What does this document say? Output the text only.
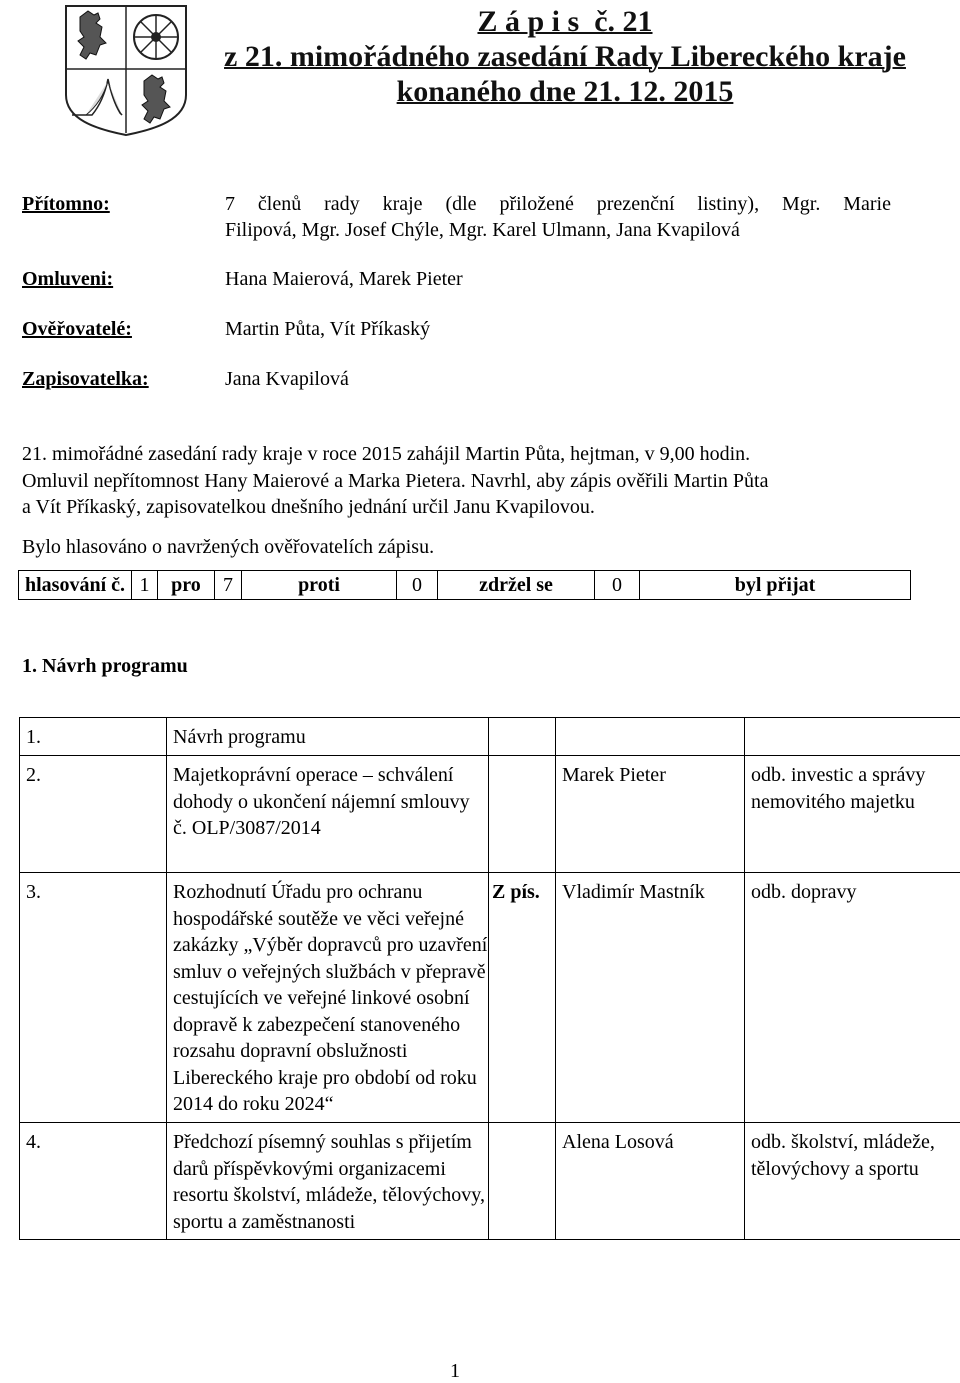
Z á p i s  č. 21
z 21. mimořádného zasedání Rady Libereckého kraje
konaného dne 21. 12. 2015
Přítomno:	7 členů rady kraje (dle přiložené prezenční listiny), Mgr. Marie
Filipová, Mgr. Josef Chýle, Mgr. Karel Ulmann, Jana Kvapilová
Omluveni:	Hana Maierová, Marek Pieter
Ověřovatelé:	Martin Půta, Vít Příkaský
Zapisovatelka:	Jana Kvapilová
21. mimořádné zasedání rady kraje v roce 2015 zahájil Martin Půta, hejtman, v 9,00 hodin.
Omluvil nepřítomnost Hany Maierové a Marka Pietera. Navrhl, aby zápis ověřili Martin Půta
a Vít Příkaský, zapisovatelkou dnešního jednání určil Janu Kvapilovou.
Bylo hlasováno o navržených ověřovatelích zápisu.
hlasování č.	1	pro	7	proti	0	zdržel se	0	byl přijat
1. Návrh programu
1.	Návrh programu			
2.	Majetkoprávní operace – schválení dohody o ukončení nájemní smlouvy č. OLP/3087/2014		Marek Pieter	odb. investic a správy nemovitého majetku
3.	Rozhodnutí Úřadu pro ochranu hospodářské soutěže ve věci veřejné zakázky „Výběr dopravců pro uzavření smluv o veřejných službách v přepravě cestujících ve veřejné linkové osobní dopravě k zabezpečení stanoveného rozsahu dopravní obslužnosti Libereckého kraje pro období od roku 2014 do roku 2024“	Z pís.	Vladimír Mastník	odb. dopravy
4.	Předchozí písemný souhlas s přijetím darů příspěvkovými organizacemi resortu školství, mládeže, tělovýchovy, sportu a zaměstnanosti		Alena Losová	odb. školství, mládeže, tělovýchovy a sportu
1
